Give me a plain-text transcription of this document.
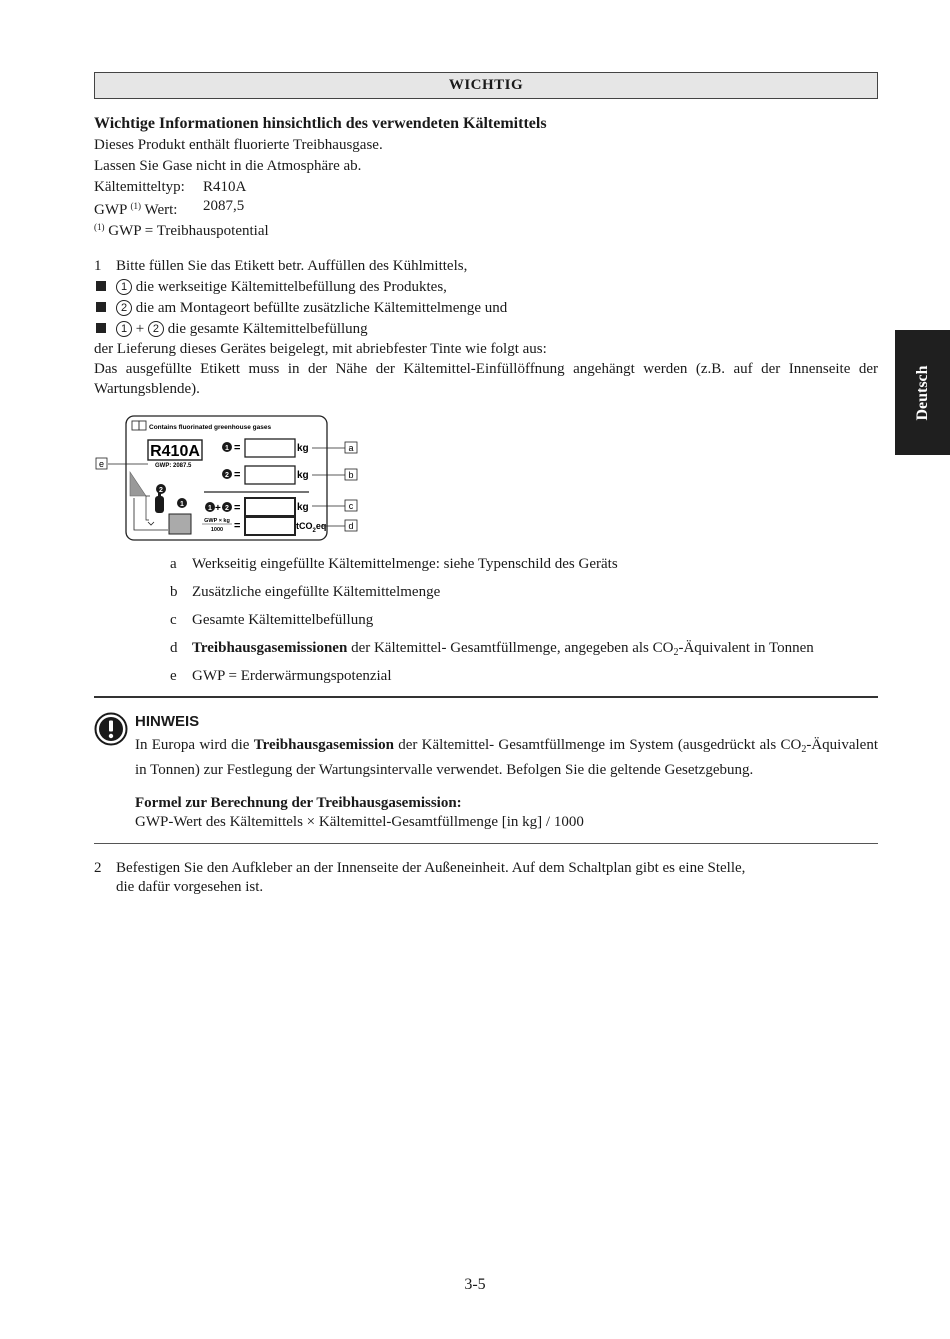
WICHTIG
Wichtige Informationen hinsichtlich des verwendeten Kältemittels
Dieses Produkt enthält fluorierte Treibhausgase.
Lassen Sie Gase nicht in die Atmosphäre ab.
Kältemitteltyp: R410A
GWP $^{(1)}$ Wert: 2087,5
$^{(1)}$ GWP = Treibhauspotential
1 Bitte füllen Sie das Etikett betr. Auffüllen des Kühlmittels,
1 die werkseitige Kältemittelbefüllung des Produktes,
2 die am Montageort befüllte zusätzliche Kältemittelmenge und
1 + 2 die gesamte Kältemittelbefüllung
der Lieferung dieses Gerätes beigelegt, mit abriebfester Tinte wie folgt aus:
Das ausgefüllte Etikett muss in der Nähe der Kältemittel-Einfüllöffnung angehängt werden (z.B. auf der Innenseite der Wartungsblende).
Contains fluorinated greenhouse gases
R410A
GWP: 2087.5
e
2
1
1 =	kg	a
2 =	kg	b
1 + 2 =	kg	c
GWP × kg
1000 =	tCO$_2$eq d
a Werkseitig eingefüllte Kältemittelmenge: siehe Typenschild des Geräts
b Zusätzliche eingefüllte Kältemittelmenge
c Gesamte Kältemittelbefüllung
d Treibhausgasemissionen der Kältemittel- Gesamtfüllmenge, angegeben als $CO_2$-Äquivalent in Tonnen
e GWP = Erderwärmungspotenzial
HINWEIS
In Europa wird die Treibhausgasemission der Kältemittel- Gesamtfüllmenge im System (ausgedrückt als $CO_2$-Äquivalent in Tonnen) zur Festlegung der Wartungsintervalle verwendet. Befolgen Sie die geltende Gesetzgebung.
Formel zur Berechnung der Treibhausgasemission:
GWP-Wert des Kältemittels × Kältemittel-Gesamtfüllmenge [in kg] / 1000
2 Befestigen Sie den Aufkleber an der Innenseite der Außeneinheit. Auf dem Schaltplan gibt es eine Stelle,
die dafür vorgesehen ist.
Deutsch
3-5
